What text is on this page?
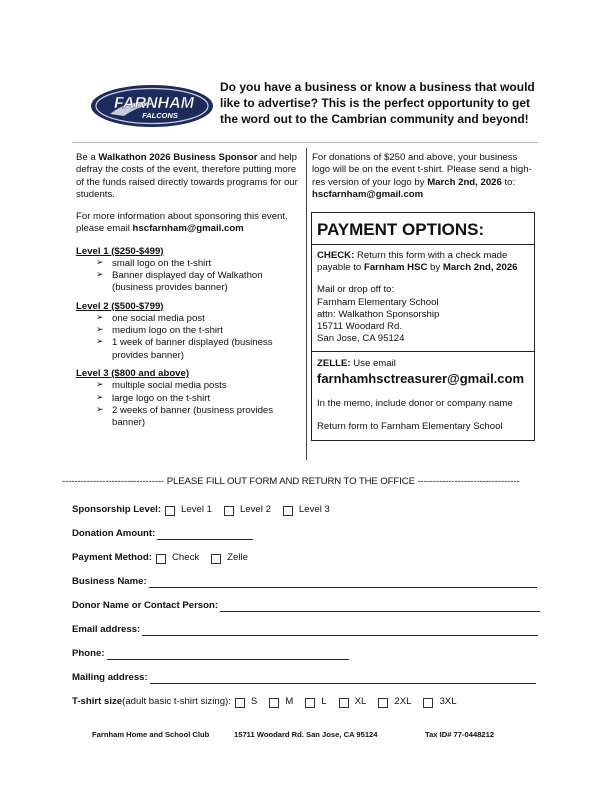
FARNHAM
FALCONS
Do you have a business or know a business that would like to advertise? This is the perfect opportunity to get the word out to the Cambrian community and beyond!

Be a Walkathon 2026 Business Sponsor and help defray the costs of the event, therefore putting more of the funds raised directly towards programs for our students.

For more information about sponsoring this event, please email hscfarnham@gmail.com

Level 1 ($250-$499)
➢ small logo on the t-shirt
➢ Banner displayed day of Walkathon (business provides banner)
Level 2 ($500-$799)
➢ one social media post
➢ medium logo on the t-shirt
➢ 1 week of banner displayed (business provides banner)
Level 3 ($800 and above)
➢ multiple social media posts
➢ large logo on the t-shirt
➢ 2 weeks of banner (business provides banner)

For donations of $250 and above, your business logo will be on the event t-shirt. Please send a high-res version of your logo by March 2nd, 2026 to: hscfarnham@gmail.com

PAYMENT OPTIONS:

CHECK: Return this form with a check made payable to Farnham HSC by March 2nd, 2026

Mail or drop off to:
Farnham Elementary School
attn: Walkathon Sponsorship
15711 Woodard Rd.
San Jose, CA 95124

ZELLE: Use email

farnhamhsctreasurer@gmail.com

In the memo, include donor or company name

Return form to Farnham Elementary School

--------------------------------- PLEASE FILL OUT FORM AND RETURN TO THE OFFICE ---------------------------------
Sponsorship Level: Level 1	Level 2	Level 3
Donation Amount:
Payment Method: Check	Zelle
Business Name:
Donor Name or Contact Person:
Email address:
Phone:
Mailing address:
T-shirt size (adult basic t-shirt sizing): S	M	L	XL	2XL	3XL
Farnham Home and School Club	15711 Woodard Rd. San Jose, CA 95124	Tax ID# 77-0448212
